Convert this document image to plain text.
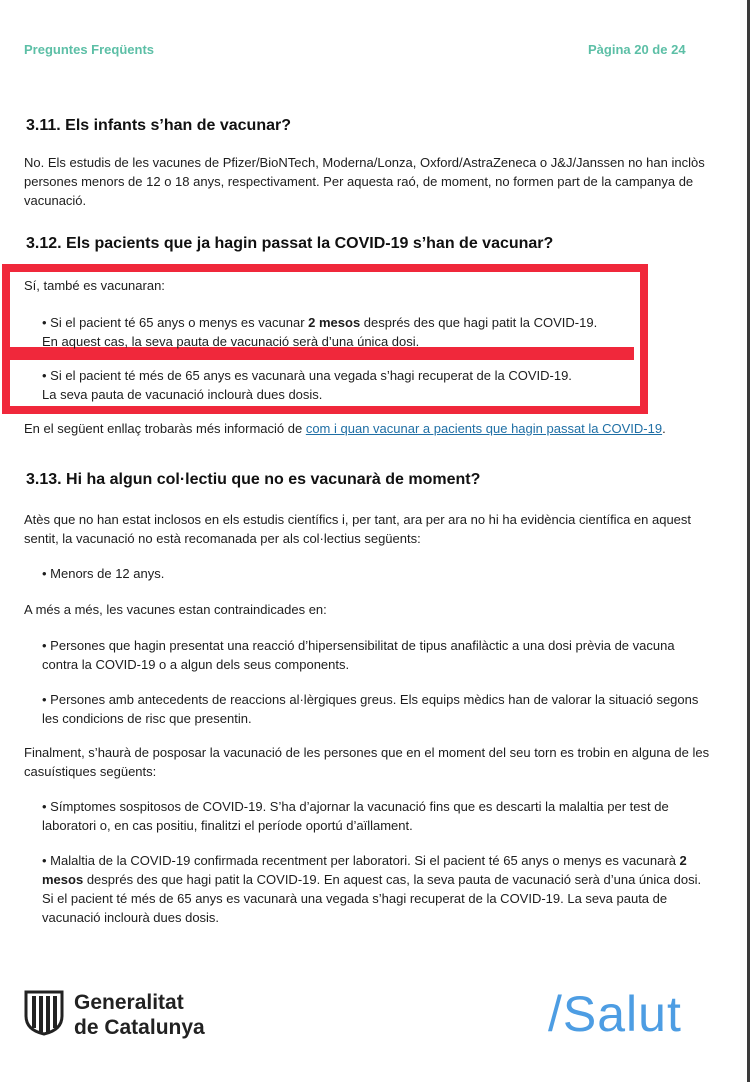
Preguntes Freqüents	Pàgina 20 de 24
3.11. Els infants s’han de vacunar?

No. Els estudis de les vacunes de Pfizer/BioNTech, Moderna/Lonza, Oxford/AstraZeneca o J&J/Janssen no han inclòs persones menors de 12 o 18 anys, respectivament. Per aquesta raó, de moment, no formen part de la campanya de vacunació.

3.12. Els pacients que ja hagin passat la COVID-19 s’han de vacunar?

Sí, també es vacunaran:

• Si el pacient té 65 anys o menys es vacunar 2 mesos després des que hagi patit la COVID-19.
En aquest cas, la seva pauta de vacunació serà d’una única dosi.

• Si el pacient té més de 65 anys es vacunarà una vegada s’hagi recuperat de la COVID-19.
La seva pauta de vacunació inclourà dues dosis.

En el següent enllaç trobaràs més informació de com i quan vacunar a pacients que hagin passat la COVID-19.

3.13. Hi ha algun col·lectiu que no es vacunarà de moment?

Atès que no han estat inclosos en els estudis científics i, per tant, ara per ara no hi ha evidència científica en aquest sentit, la vacunació no està recomanada per als col·lectius següents:

• Menors de 12 anys.

A més a més, les vacunes estan contraindicades en:

• Persones que hagin presentat una reacció d’hipersensibilitat de tipus anafilàctic a una dosi prèvia de vacuna contra la COVID-19 o a algun dels seus components.

• Persones amb antecedents de reaccions al·lèrgiques greus. Els equips mèdics han de valorar la situació segons les condicions de risc que presentin.

Finalment, s’haurà de posposar la vacunació de les persones que en el moment del seu torn es trobin en alguna de les casuístiques següents:

• Símptomes sospitosos de COVID-19. S’ha d’ajornar la vacunació fins que es descarti la malaltia per test de laboratori o, en cas positiu, finalitzi el període oportú d’aïllament.

• Malaltia de la COVID-19 confirmada recentment per laboratori. Si el pacient té 65 anys o menys es vacunarà 2 mesos després des que hagi patit la COVID-19. En aquest cas, la seva pauta de vacunació serà d’una única dosi. Si el pacient té més de 65 anys es vacunarà una vegada s’hagi recuperat de la COVID-19. La seva pauta de vacunació inclourà dues dosis.

Generalitat
de Catalunya	/Salut
